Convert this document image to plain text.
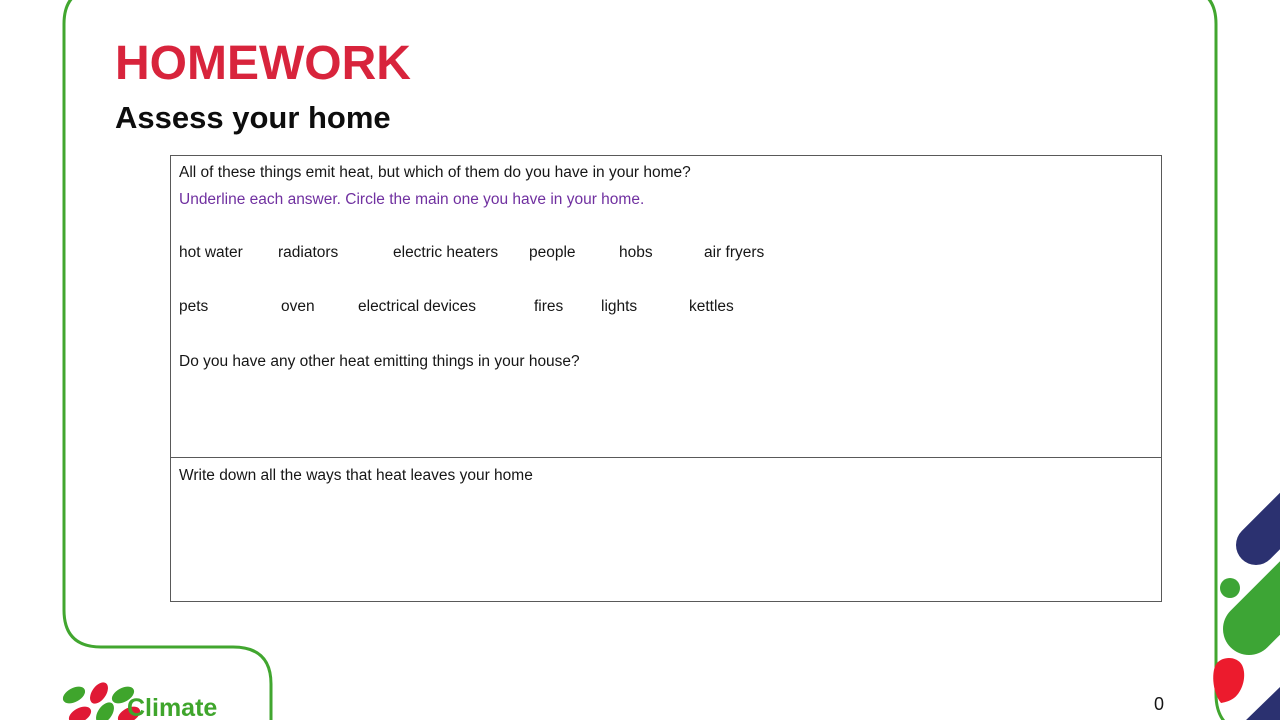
HOMEWORK
Assess your home

All of these things emit heat, but which of them do you have in your home?

Underline each answer. Circle the main one you have in your home.

hot water radiators	electric heaters people	hobs	air fryers
pets	oven	electrical devices	fires lights	kettles

Do you have any other heat emitting things in your house?

Write down all the ways that heat leaves your home

Climate	0
